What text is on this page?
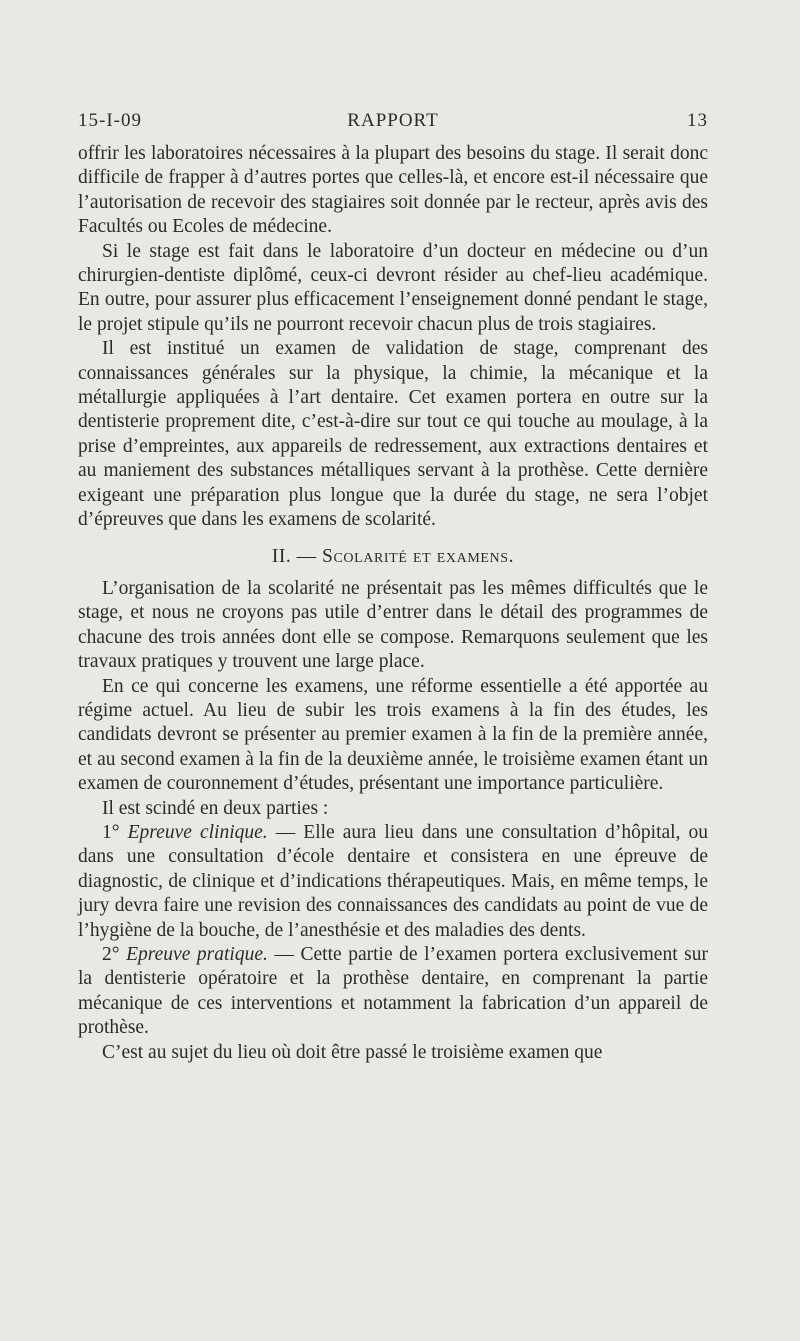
15-I-09	RAPPORT	13

offrir les laboratoires nécessaires à la plupart des besoins du stage. Il serait donc difficile de frapper à d’autres portes que celles-là, et encore est-il nécessaire que l’autorisation de recevoir des stagiaires soit donnée par le recteur, après avis des Facultés ou Ecoles de médecine.

Si le stage est fait dans le laboratoire d’un docteur en médecine ou d’un chirurgien-dentiste diplômé, ceux-ci devront résider au chef-lieu académique. En outre, pour assurer plus efficacement l’enseignement donné pendant le stage, le projet stipule qu’ils ne pourront recevoir chacun plus de trois stagiaires.

Il est institué un examen de validation de stage, comprenant des connaissances générales sur la physique, la chimie, la mécanique et la métallurgie appliquées à l’art dentaire. Cet examen portera en outre sur la dentisterie proprement dite, c’est-à-dire sur tout ce qui touche au moulage, à la prise d’empreintes, aux appareils de redressement, aux extractions dentaires et au maniement des substances métalliques servant à la prothèse. Cette dernière exigeant une préparation plus longue que la durée du stage, ne sera l’objet d’épreuves que dans les examens de scolarité.

II. — Scolarité et examens.

L’organisation de la scolarité ne présentait pas les mêmes difficultés que le stage, et nous ne croyons pas utile d’entrer dans le détail des programmes de chacune des trois années dont elle se compose. Remarquons seulement que les travaux pratiques y trouvent une large place.

En ce qui concerne les examens, une réforme essentielle a été apportée au régime actuel. Au lieu de subir les trois examens à la fin des études, les candidats devront se présenter au premier examen à la fin de la première année, et au second examen à la fin de la deuxième année, le troisième examen étant un examen de couronnement d’études, présentant une importance particulière.

Il est scindé en deux parties :

1° Epreuve clinique. — Elle aura lieu dans une consultation d’hôpital, ou dans une consultation d’école dentaire et consistera en une épreuve de diagnostic, de clinique et d’indications thérapeutiques. Mais, en même temps, le jury devra faire une revision des connaissances des candidats au point de vue de l’hygiène de la bouche, de l’anesthésie et des maladies des dents.

2° Epreuve pratique. — Cette partie de l’examen portera exclusivement sur la dentisterie opératoire et la prothèse dentaire, en comprenant la partie mécanique de ces interventions et notamment la fabrication d’un appareil de prothèse.

C’est au sujet du lieu où doit être passé le troisième examen que
